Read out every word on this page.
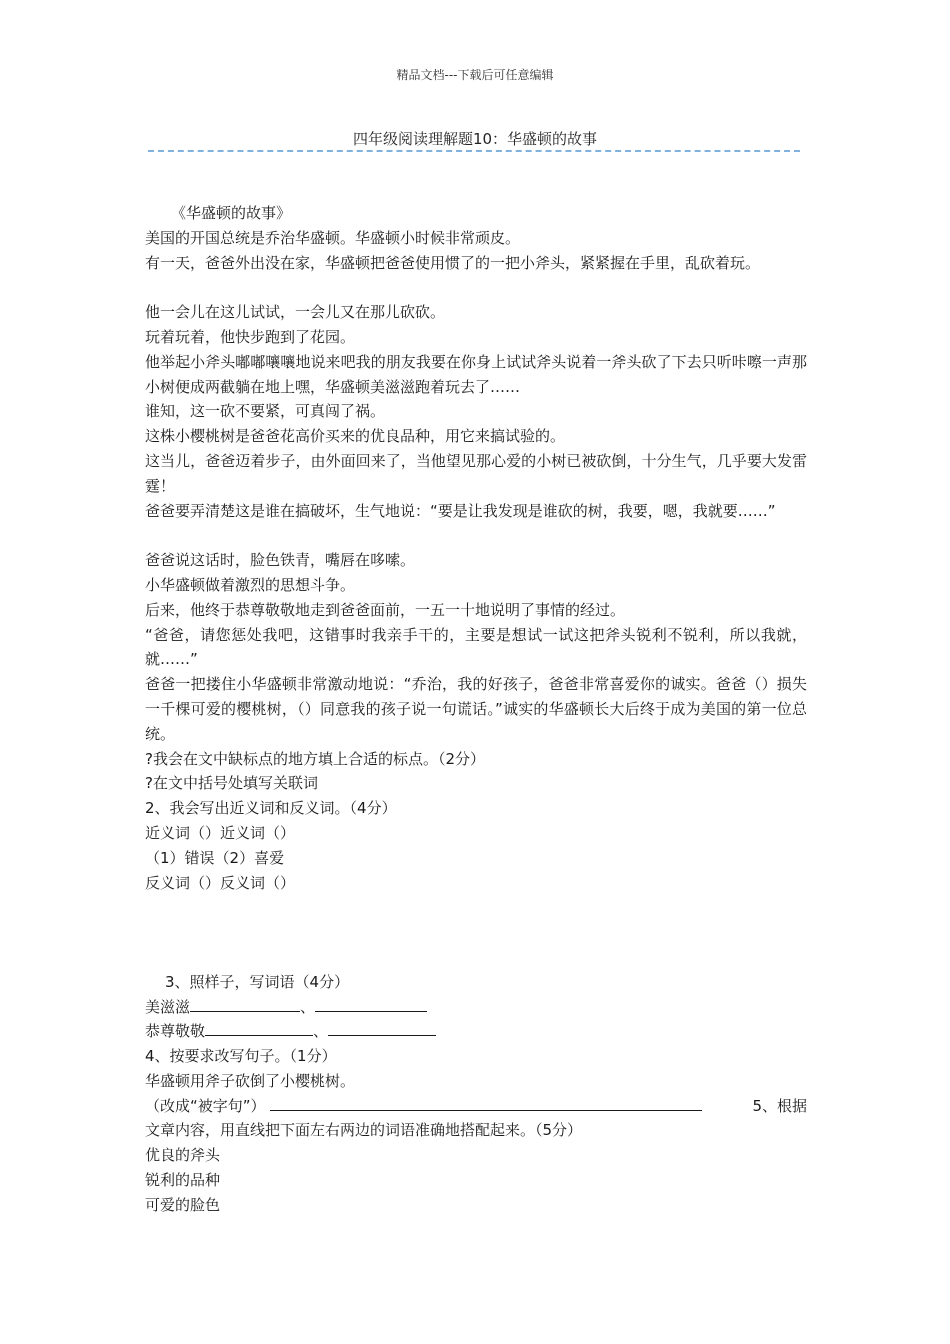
精品文档---下载后可任意编辑
四年级阅读理解题10：华盛顿的故事
《华盛顿的故事》
美国的开国总统是乔治华盛顿。华盛顿小时候非常顽皮。
有一天，爸爸外出没在家，华盛顿把爸爸使用惯了的一把小斧头，紧紧握在手里，乱砍着玩。
他一会儿在这儿试试，一会儿又在那儿砍砍。
玩着玩着，他快步跑到了花园。
他举起小斧头嘟嘟嚷嚷地说来吧我的朋友我要在你身上试试斧头说着一斧头砍了下去只听咔嚓一声那小树便成两截躺在地上嘿，华盛顿美滋滋跑着玩去了……
谁知，这一砍不要紧，可真闯了祸。
这株小樱桃树是爸爸花高价买来的优良品种，用它来搞试验的。
这当儿，爸爸迈着步子，由外面回来了，当他望见那心爱的小树已被砍倒，十分生气，几乎要大发雷霆！
爸爸要弄清楚这是谁在搞破坏，生气地说：“要是让我发现是谁砍的树，我要，嗯，我就要……”
爸爸说这话时，脸色铁青，嘴唇在哆嗦。
小华盛顿做着激烈的思想斗争。
后来，他终于恭尊敬敬地走到爸爸面前，一五一十地说明了事情的经过。
“爸爸，请您惩处我吧，这错事时我亲手干的，主要是想试一试这把斧头锐利不锐利，所以我就，就……”
爸爸一把搂住小华盛顿非常激动地说：“乔治，我的好孩子，爸爸非常喜爱你的诚实。爸爸（）损失一千棵可爱的樱桃树，（）同意我的孩子说一句谎话。”诚实的华盛顿长大后终于成为美国的第一位总统。
?我会在文中缺标点的地方填上合适的标点。（2分）
?在文中括号处填写关联词
2、我会写出近义词和反义词。（4分）
近义词（）近义词（）
（1）错误（2）喜爱
反义词（）反义词（）
3、照样子，写词语（4分）
美滋滋	、
恭尊敬敬	、
4、按要求改写句子。（1分）
华盛顿用斧子砍倒了小樱桃树。
（改成“被字句”）	5、根据
文章内容，用直线把下面左右两边的词语准确地搭配起来。（5分）
优良的斧头
锐利的品种
可爱的脸色
